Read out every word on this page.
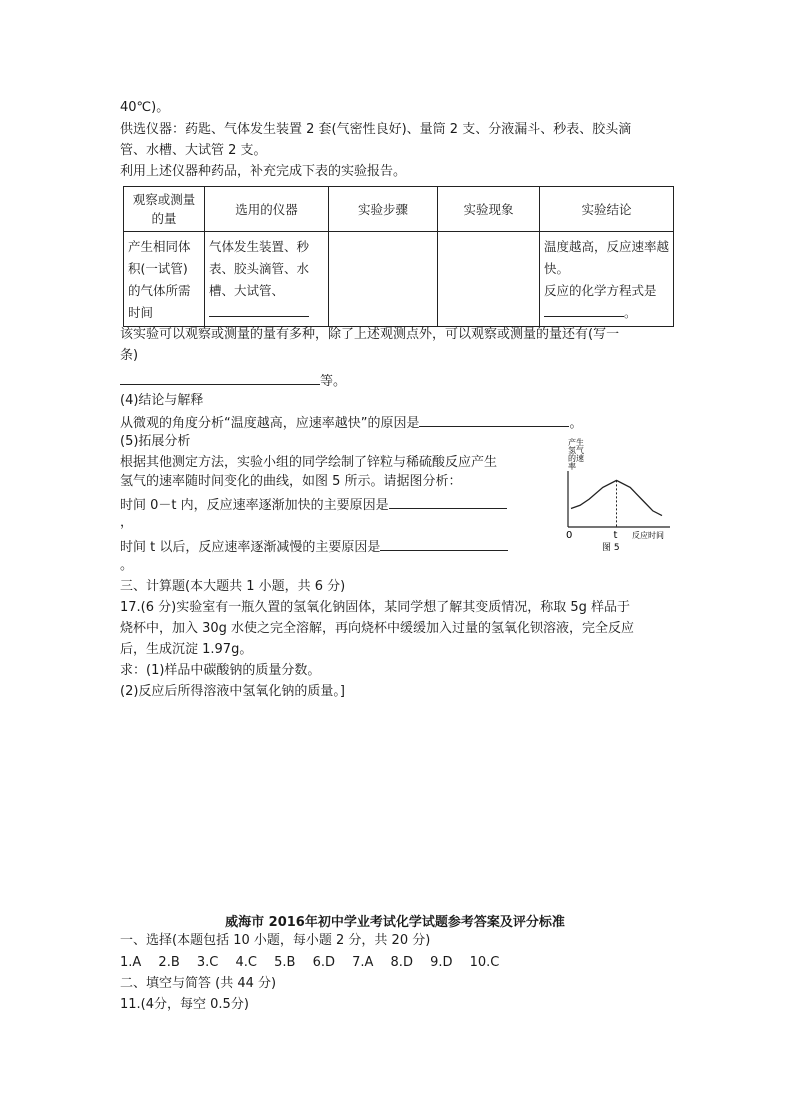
40℃)。
供选仪器：药匙、气体发生装置 2 套(气密性良好)、量筒 2 支、分液漏斗、秒表、胶头滴
管、水槽、大试管 2 支。
利用上述仪器种药品，补充完成下表的实验报告。
观察或测量的量	选用的仪器	实验步骤	实验现象	实验结论
产生相同体积(一试管)的气体所需时间	气体发生装置、秒表、胶头滴管、水槽、大试管、			温度越高，反应速率越快。
反应的化学方程式是。
该实验可以观察或测量的量有多种，除了上述观测点外，可以观察或测量的量还有(写一
条)
等。
(4)结论与解释
从微观的角度分析“温度越高，应速率越快”的原因是	。
(5)拓展分析
根据其他测定方法，实验小组的同学绘制了锌粒与稀硫酸反应产生
氢气的速率随时间变化的曲线，如图 5 所示。请据图分析：
时间 0－t 内，反应速率逐渐加快的主要原因是
，
时间 t 以后，反应速率逐渐减慢的主要原因是
。
产生 氢气 的速 率
0	t 反应时间
图 5
三、计算题(本大题共 1 小题，共 6 分)
17.(6 分)实验室有一瓶久置的氢氧化钠固体，某同学想了解其变质情况，称取 5g 样品于
烧杯中，加入 30g 水使之完全溶解，再向烧杯中缓缓加入过量的氢氧化钡溶液，完全反应
后，生成沉淀 1.97g。
求：(1)样品中碳酸钠的质量分数。
(2)反应后所得溶液中氢氧化钠的质量。]
威海市 2016年初中学业考试化学试题参考答案及评分标准
一、选择(本题包括 10 小题，每小题 2 分，共 20 分)
1.A　 2.B　 3.C　 4.C　 5.B　 6.D　 7.A　 8.D　 9.D　 10.C
二、填空与简答 (共 44 分)
11.(4分，每空 0.5分)
